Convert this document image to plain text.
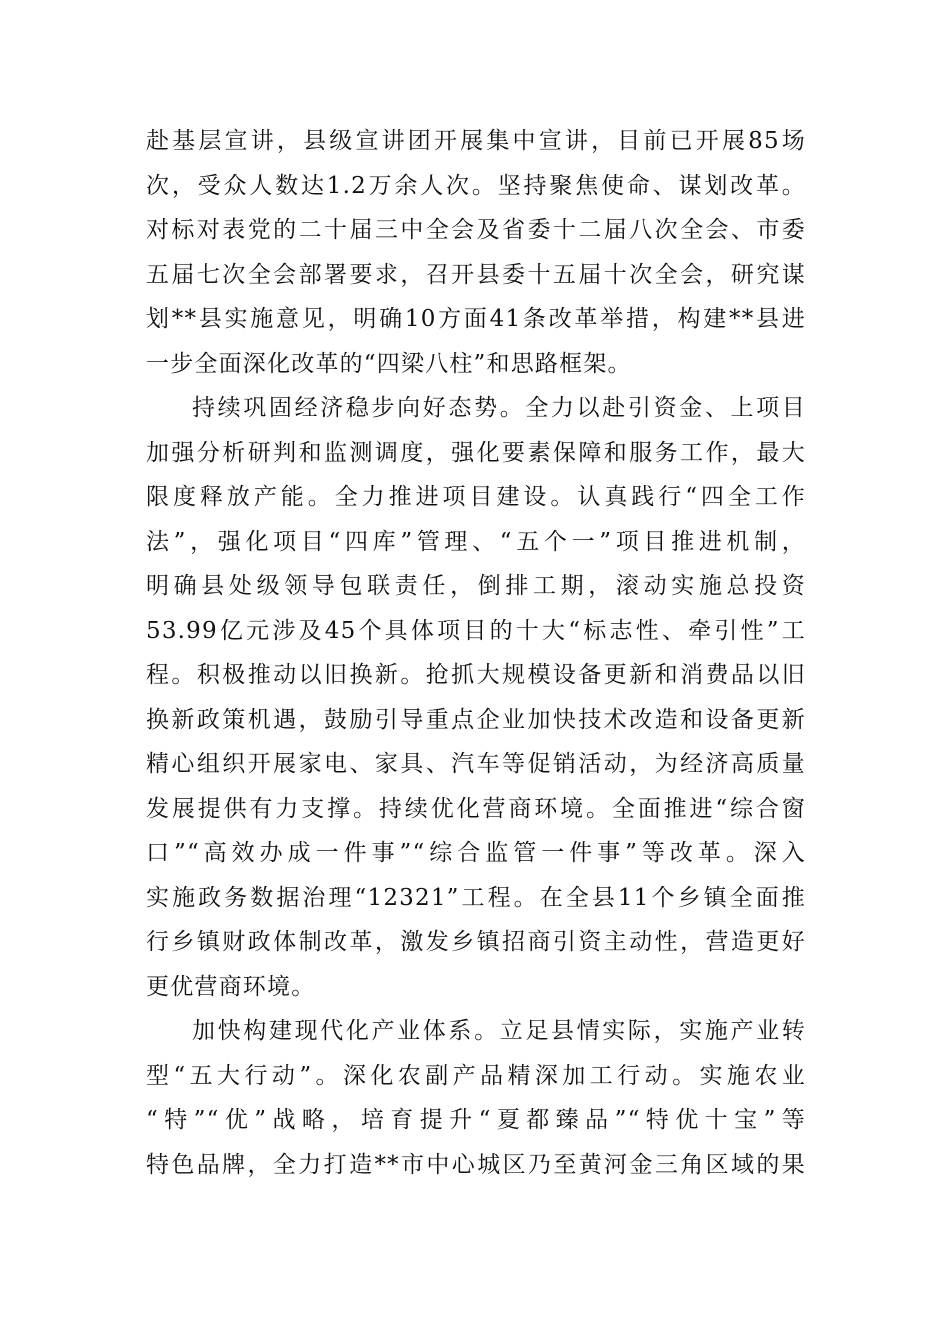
赴基层宣讲，县级宣讲团开展集中宣讲，目前已开展85场
次，受众人数达1.2万余人次。坚持聚焦使命、谋划改革。
对标对表党的二十届三中全会及省委十二届八次全会、市委
五届七次全会部署要求，召开县委十五届十次全会，研究谋
划**县实施意见，明确10方面41条改革举措，构建**县进
一步全面深化改革的“四梁八柱”和思路框架。
持续巩固经济稳步向好态势。全力以赴引资金、上项目
加强分析研判和监测调度，强化要素保障和服务工作，最大
限度释放产能。全力推进项目建设。认真践行“四全工作
法”，强化项目“四库”管理、“五个一”项目推进机制，
明确县处级领导包联责任，倒排工期，滚动实施总投资
53.99亿元涉及45个具体项目的十大“标志性、牵引性”工
程。积极推动以旧换新。抢抓大规模设备更新和消费品以旧
换新政策机遇，鼓励引导重点企业加快技术改造和设备更新
精心组织开展家电、家具、汽车等促销活动，为经济高质量
发展提供有力支撑。持续优化营商环境。全面推进“综合窗
口”“高效办成一件事”“综合监管一件事”等改革。深入
实施政务数据治理“12321”工程。在全县11个乡镇全面推
行乡镇财政体制改革，激发乡镇招商引资主动性，营造更好
更优营商环境。
加快构建现代化产业体系。立足县情实际，实施产业转
型“五大行动”。深化农副产品精深加工行动。实施农业
“特”“优”战略，培育提升“夏都臻品”“特优十宝”等
特色品牌，全力打造**市中心城区乃至黄河金三角区域的果
